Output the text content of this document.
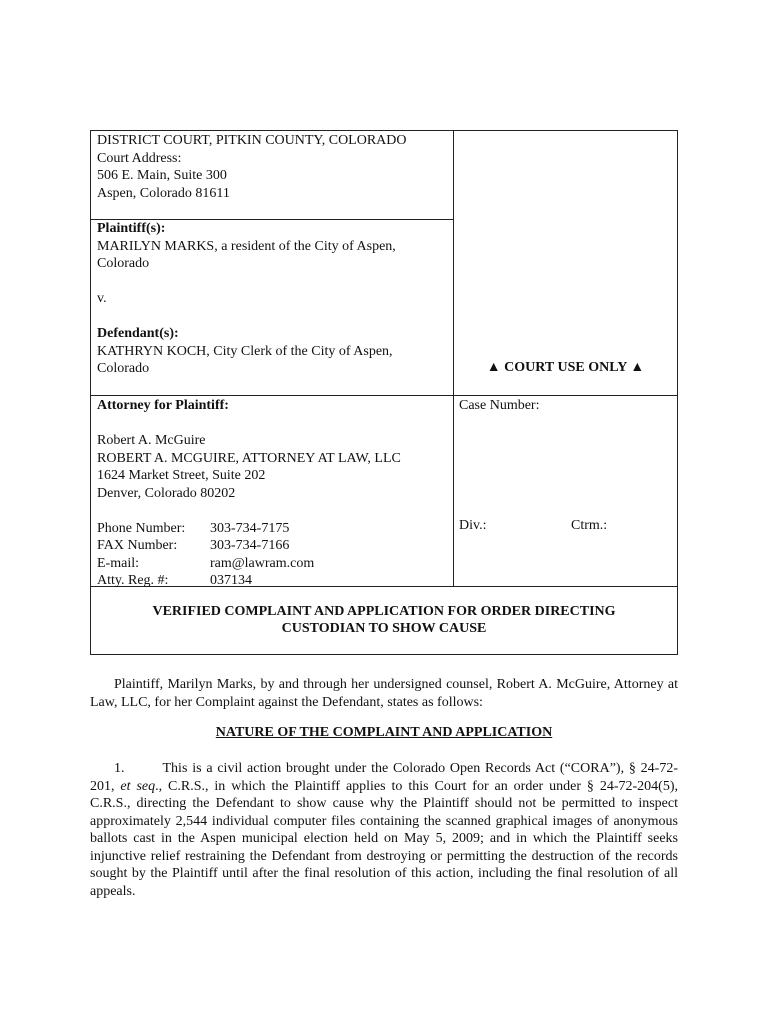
DISTRICT COURT, PITKIN COUNTY, COLORADO
Court Address:
506 E. Main, Suite 300
Aspen, Colorado 81611
Plaintiff(s):
MARILYN MARKS, a resident of the City of Aspen,
Colorado

v.

Defendant(s):
KATHRYN KOCH, City Clerk of the City of Aspen,
Colorado	▲ COURT USE ONLY ▲
Attorney for Plaintiff:

Robert A. McGuire
ROBERT A. MCGUIRE, ATTORNEY AT LAW, LLC
1624 Market Street, Suite 202
Denver, Colorado 80202

Phone Number:	303-734-7175
FAX Number:	303-734-7166
E-mail:	ram@lawram.com
Atty. Reg. #:	037134
Case Number:
Div.:	Ctrm.:
VERIFIED COMPLAINT AND APPLICATION FOR ORDER DIRECTING
CUSTODIAN TO SHOW CAUSE
Plaintiff, Marilyn Marks, by and through her undersigned counsel, Robert A. McGuire, Attorney at Law, LLC, for her Complaint against the Defendant, states as follows:
NATURE OF THE COMPLAINT AND APPLICATION
1.	This is a civil action brought under the Colorado Open Records Act (“CORA”), § 24-72-201, et seq., C.R.S., in which the Plaintiff applies to this Court for an order under § 24-72-204(5), C.R.S., directing the Defendant to show cause why the Plaintiff should not be permitted to inspect approximately 2,544 individual computer files containing the scanned graphical images of anonymous ballots cast in the Aspen municipal election held on May 5, 2009; and in which the Plaintiff seeks injunctive relief restraining the Defendant from destroying or permitting the destruction of the records sought by the Plaintiff until after the final resolution of this action, including the final resolution of all appeals.
